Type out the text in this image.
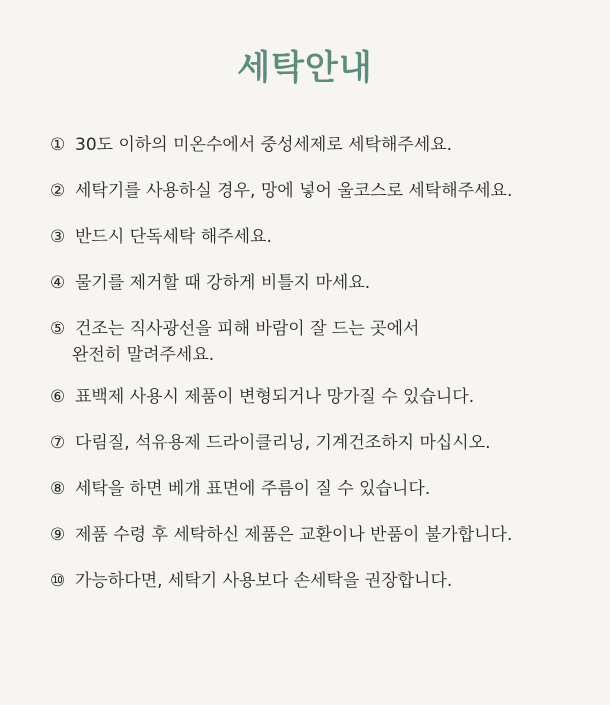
세탁안내
① 30도 이하의 미온수에서 중성세제로 세탁해주세요.
② 세탁기를 사용하실 경우, 망에 넣어 울코스로 세탁해주세요.
③ 반드시 단독세탁 해주세요.
④ 물기를 제거할 때 강하게 비틀지 마세요.
⑤ 건조는 직사광선을 피해 바람이 잘 드는 곳에서
완전히 말려주세요.
⑥ 표백제 사용시 제품이 변형되거나 망가질 수 있습니다.
⑦ 다림질, 석유용제 드라이클리닝, 기계건조하지 마십시오.
⑧ 세탁을 하면 베개 표면에 주름이 질 수 있습니다.
⑨ 제품 수령 후 세탁하신 제품은 교환이나 반품이 불가합니다.
⑩ 가능하다면, 세탁기 사용보다 손세탁을 권장합니다.
